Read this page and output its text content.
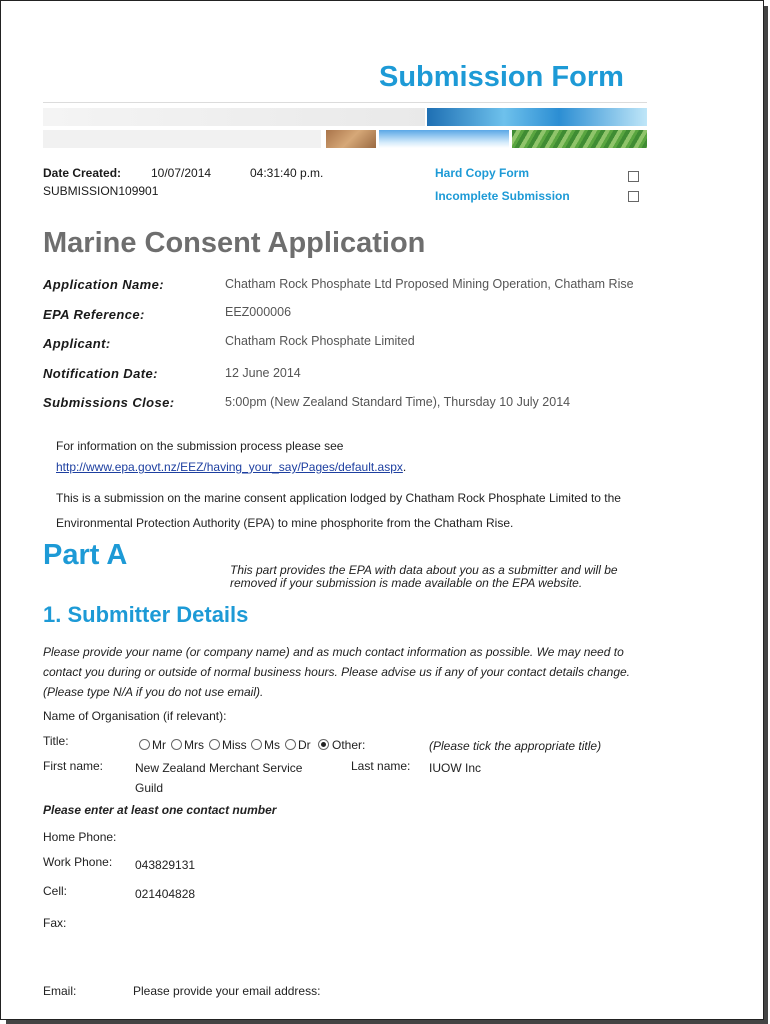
Submission Form
Date Created: 10/07/2014	04:31:40 p.m.
SUBMISSION109901
Hard Copy Form
Incomplete Submission
Marine Consent Application
Application Name:	Chatham Rock Phosphate Ltd Proposed Mining Operation, Chatham Rise
EPA Reference:	EEZ000006
Applicant:	Chatham Rock Phosphate Limited
Notification Date:	12 June 2014
Submissions Close:	5:00pm (New Zealand Standard Time), Thursday 10 July 2014
For information on the submission process please see
http://www.epa.govt.nz/EEZ/having_your_say/Pages/default.aspx.
This is a submission on the marine consent application lodged by Chatham Rock Phosphate Limited to the
Environmental Protection Authority (EPA) to mine phosphorite from the Chatham Rise.
Part A	This part provides the EPA with data about you as a submitter and will be removed if your submission is made available on the EPA website.
1. Submitter Details
Please provide your name (or company name) and as much contact information as possible. We may need to
contact you during or outside of normal business hours. Please advise us if any of your contact details change.
(Please type N/A if you do not use email).
Name of Organisation (if relevant):
Title:	Mr Mrs Miss Ms Dr Other:	(Please tick the appropriate title)
First name:	New Zealand Merchant Service
Guild
Last name: IUOW Inc
Please enter at least one contact number
Home Phone:
Work Phone: 043829131
Cell:	021404828
Fax:
Email:	Please provide your email address:
